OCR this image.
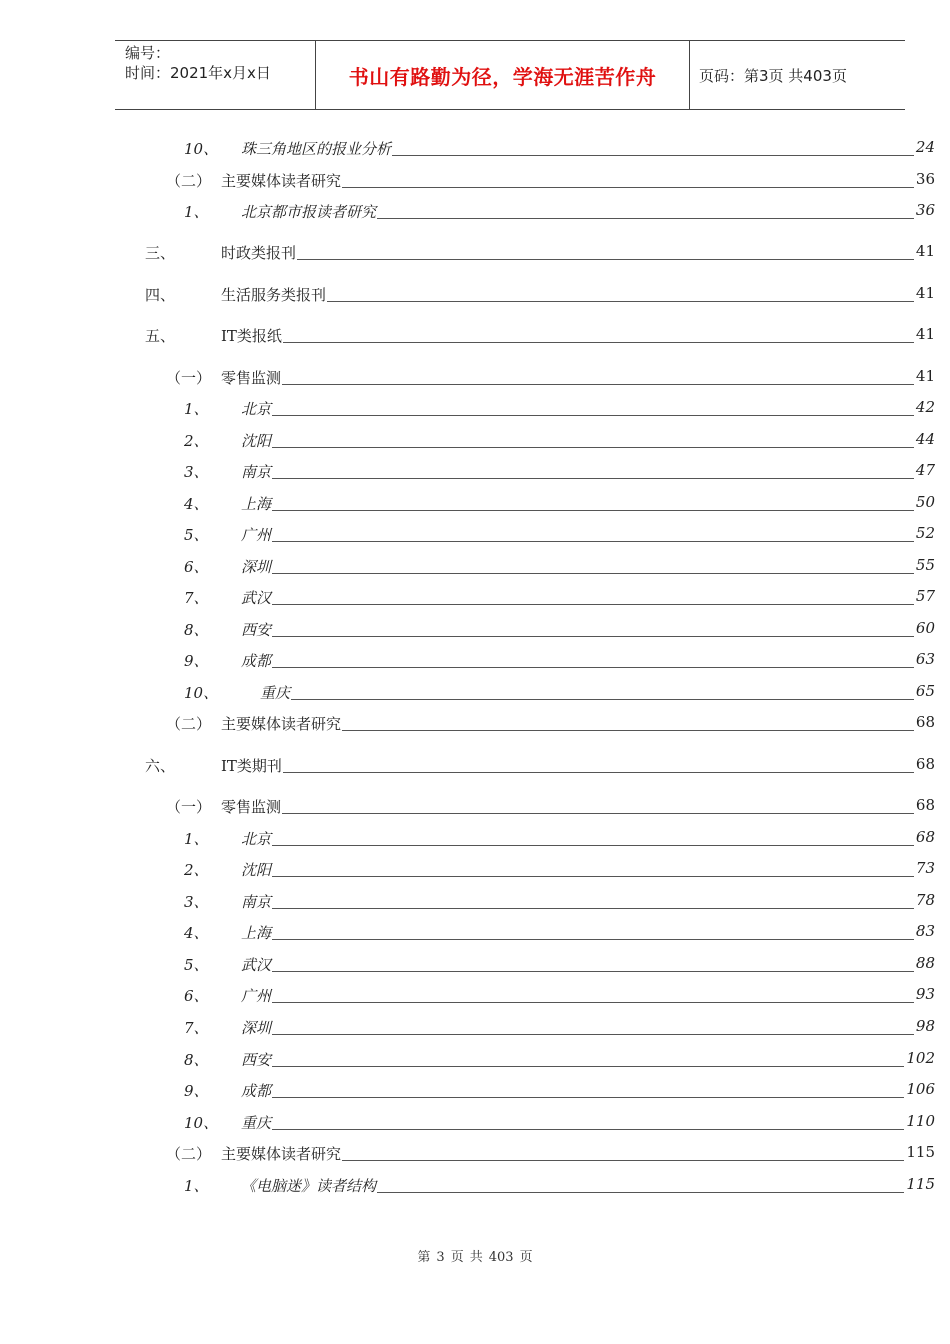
编号：
时间：2021年x月x日	书山有路勤为径，学海无涯苦作舟	页码：第3页 共403页
10、 珠三角地区的报业分析	24
（二） 主要媒体读者研究	36
1、 北京都市报读者研究	36
三、	时政类报刊	41
四、	生活服务类报刊	41
五、	IT类报纸	41
（一） 零售监测	41
1、 北京	42
2、 沈阳	44
3、 南京	47
4、 上海	50
5、 广州	52
6、 深圳	55
7、 武汉	57
8、 西安	60
9、 成都	63
10、	重庆	65
（二） 主要媒体读者研究	68
六、	IT类期刊	68
（一） 零售监测	68
1、 北京	68
2、 沈阳	73
3、 南京	78
4、 上海	83
5、 武汉	88
6、 广州	93
7、 深圳	98
8、 西安	102
9、 成都	106
10、 重庆	110
（二） 主要媒体读者研究	115
1、 《电脑迷》读者结构	115
第 3 页 共 403 页
